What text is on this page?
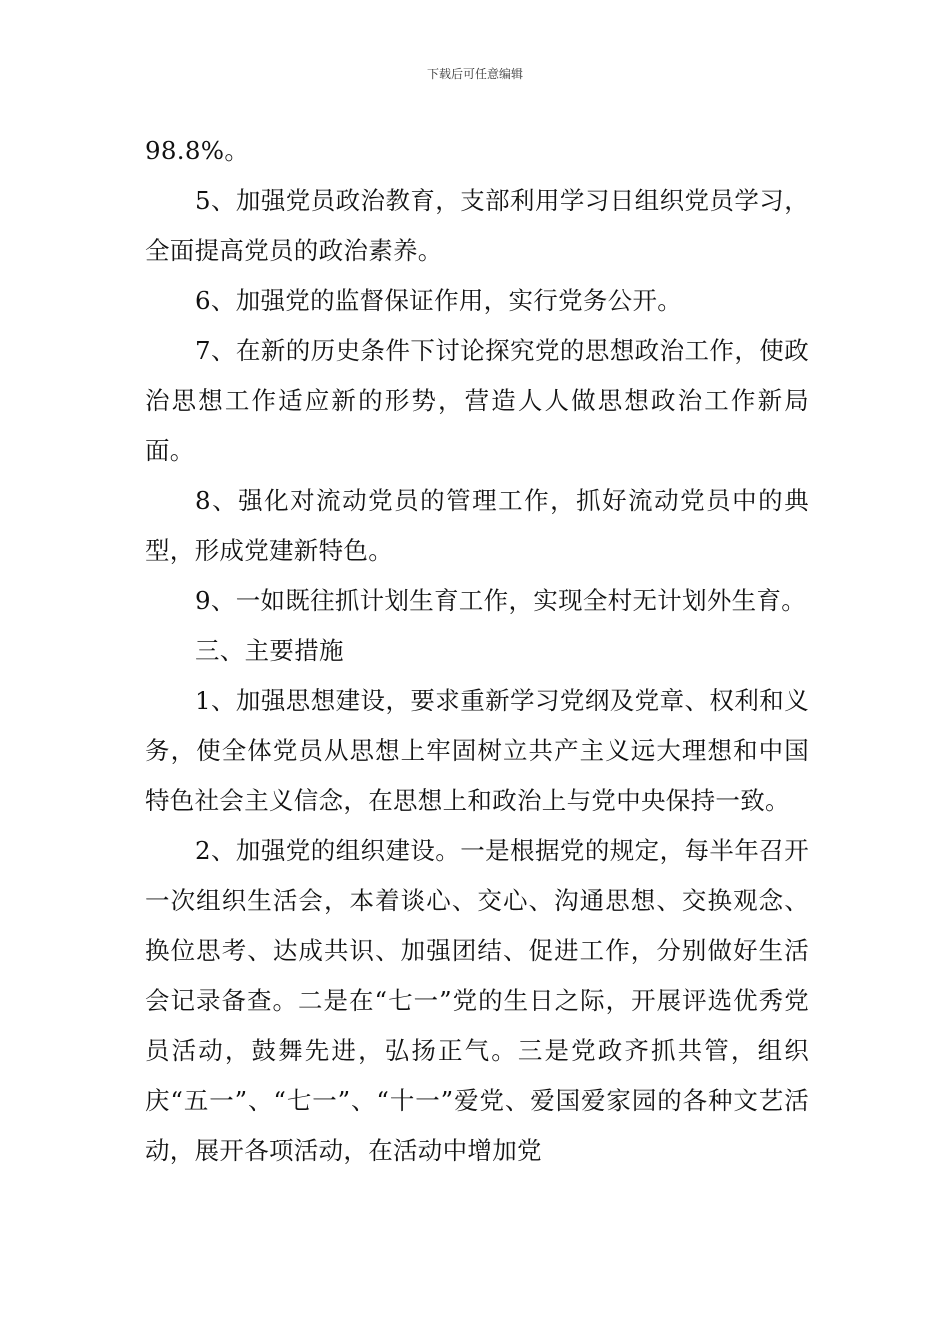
下载后可任意编辑

98.8%。

5、加强党员政治教育，支部利用学习日组织党员学习，全面提高党员的政治素养。

6、加强党的监督保证作用，实行党务公开。

7、在新的历史条件下讨论探究党的思想政治工作，使政治思想工作适应新的形势，营造人人做思想政治工作新局面。

8、强化对流动党员的管理工作，抓好流动党员中的典型，形成党建新特色。

9、一如既往抓计划生育工作，实现全村无计划外生育。

三、主要措施

1、加强思想建设，要求重新学习党纲及党章、权利和义务，使全体党员从思想上牢固树立共产主义远大理想和中国特色社会主义信念，在思想上和政治上与党中央保持一致。

2、加强党的组织建设。一是根据党的规定，每半年召开一次组织生活会，本着谈心、交心、沟通思想、交换观念、换位思考、达成共识、加强团结、促进工作，分别做好生活会记录备查。二是在“七一”党的生日之际，开展评选优秀党员活动，鼓舞先进，弘扬正气。三是党政齐抓共管，组织庆“五一”、“七一”、“十一”爱党、爱国爱家园的各种文艺活动，展开各项活动，在活动中增加党
